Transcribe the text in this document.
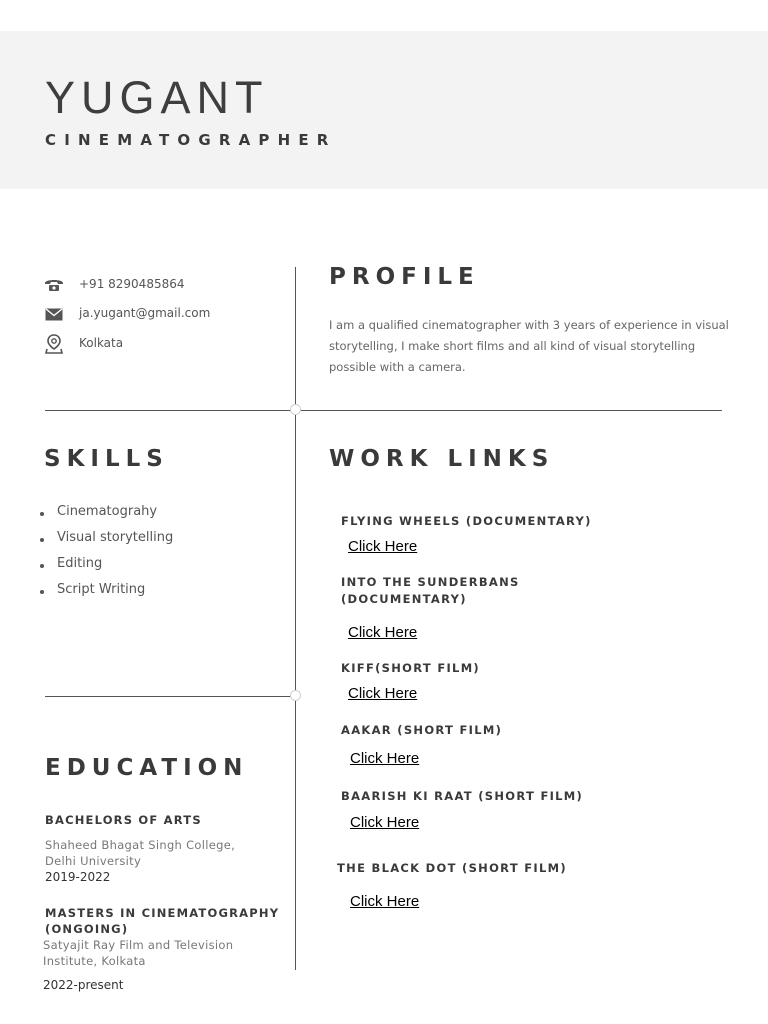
YUGANT
CINEMATOGRAPHER
+91 8290485864
ja.yugant@gmail.com
Kolkata
PROFILE
I am a qualified cinematographer with 3 years of experience in visual storytelling, I make short films and all kind of visual storytelling possible with a camera.
SKILLS
Cinematograhy
Visual storytelling
Editing
Script Writing
EDUCATION
BACHELORS OF ARTS
Shaheed Bhagat Singh College, Delhi University
2019-2022
MASTERS IN CINEMATOGRAPHY (ONGOING)
Satyajit Ray Film and Television Institute, Kolkata
2022-present
WORK LINKS
FLYING WHEELS (DOCUMENTARY)
Click Here
INTO THE SUNDERBANS (DOCUMENTARY)
Click Here
KIFF(SHORT FILM)
Click Here
AAKAR (SHORT FILM)
Click Here
BAARISH KI RAAT (SHORT FILM)
Click Here
THE BLACK DOT (SHORT FILM)
Click Here
